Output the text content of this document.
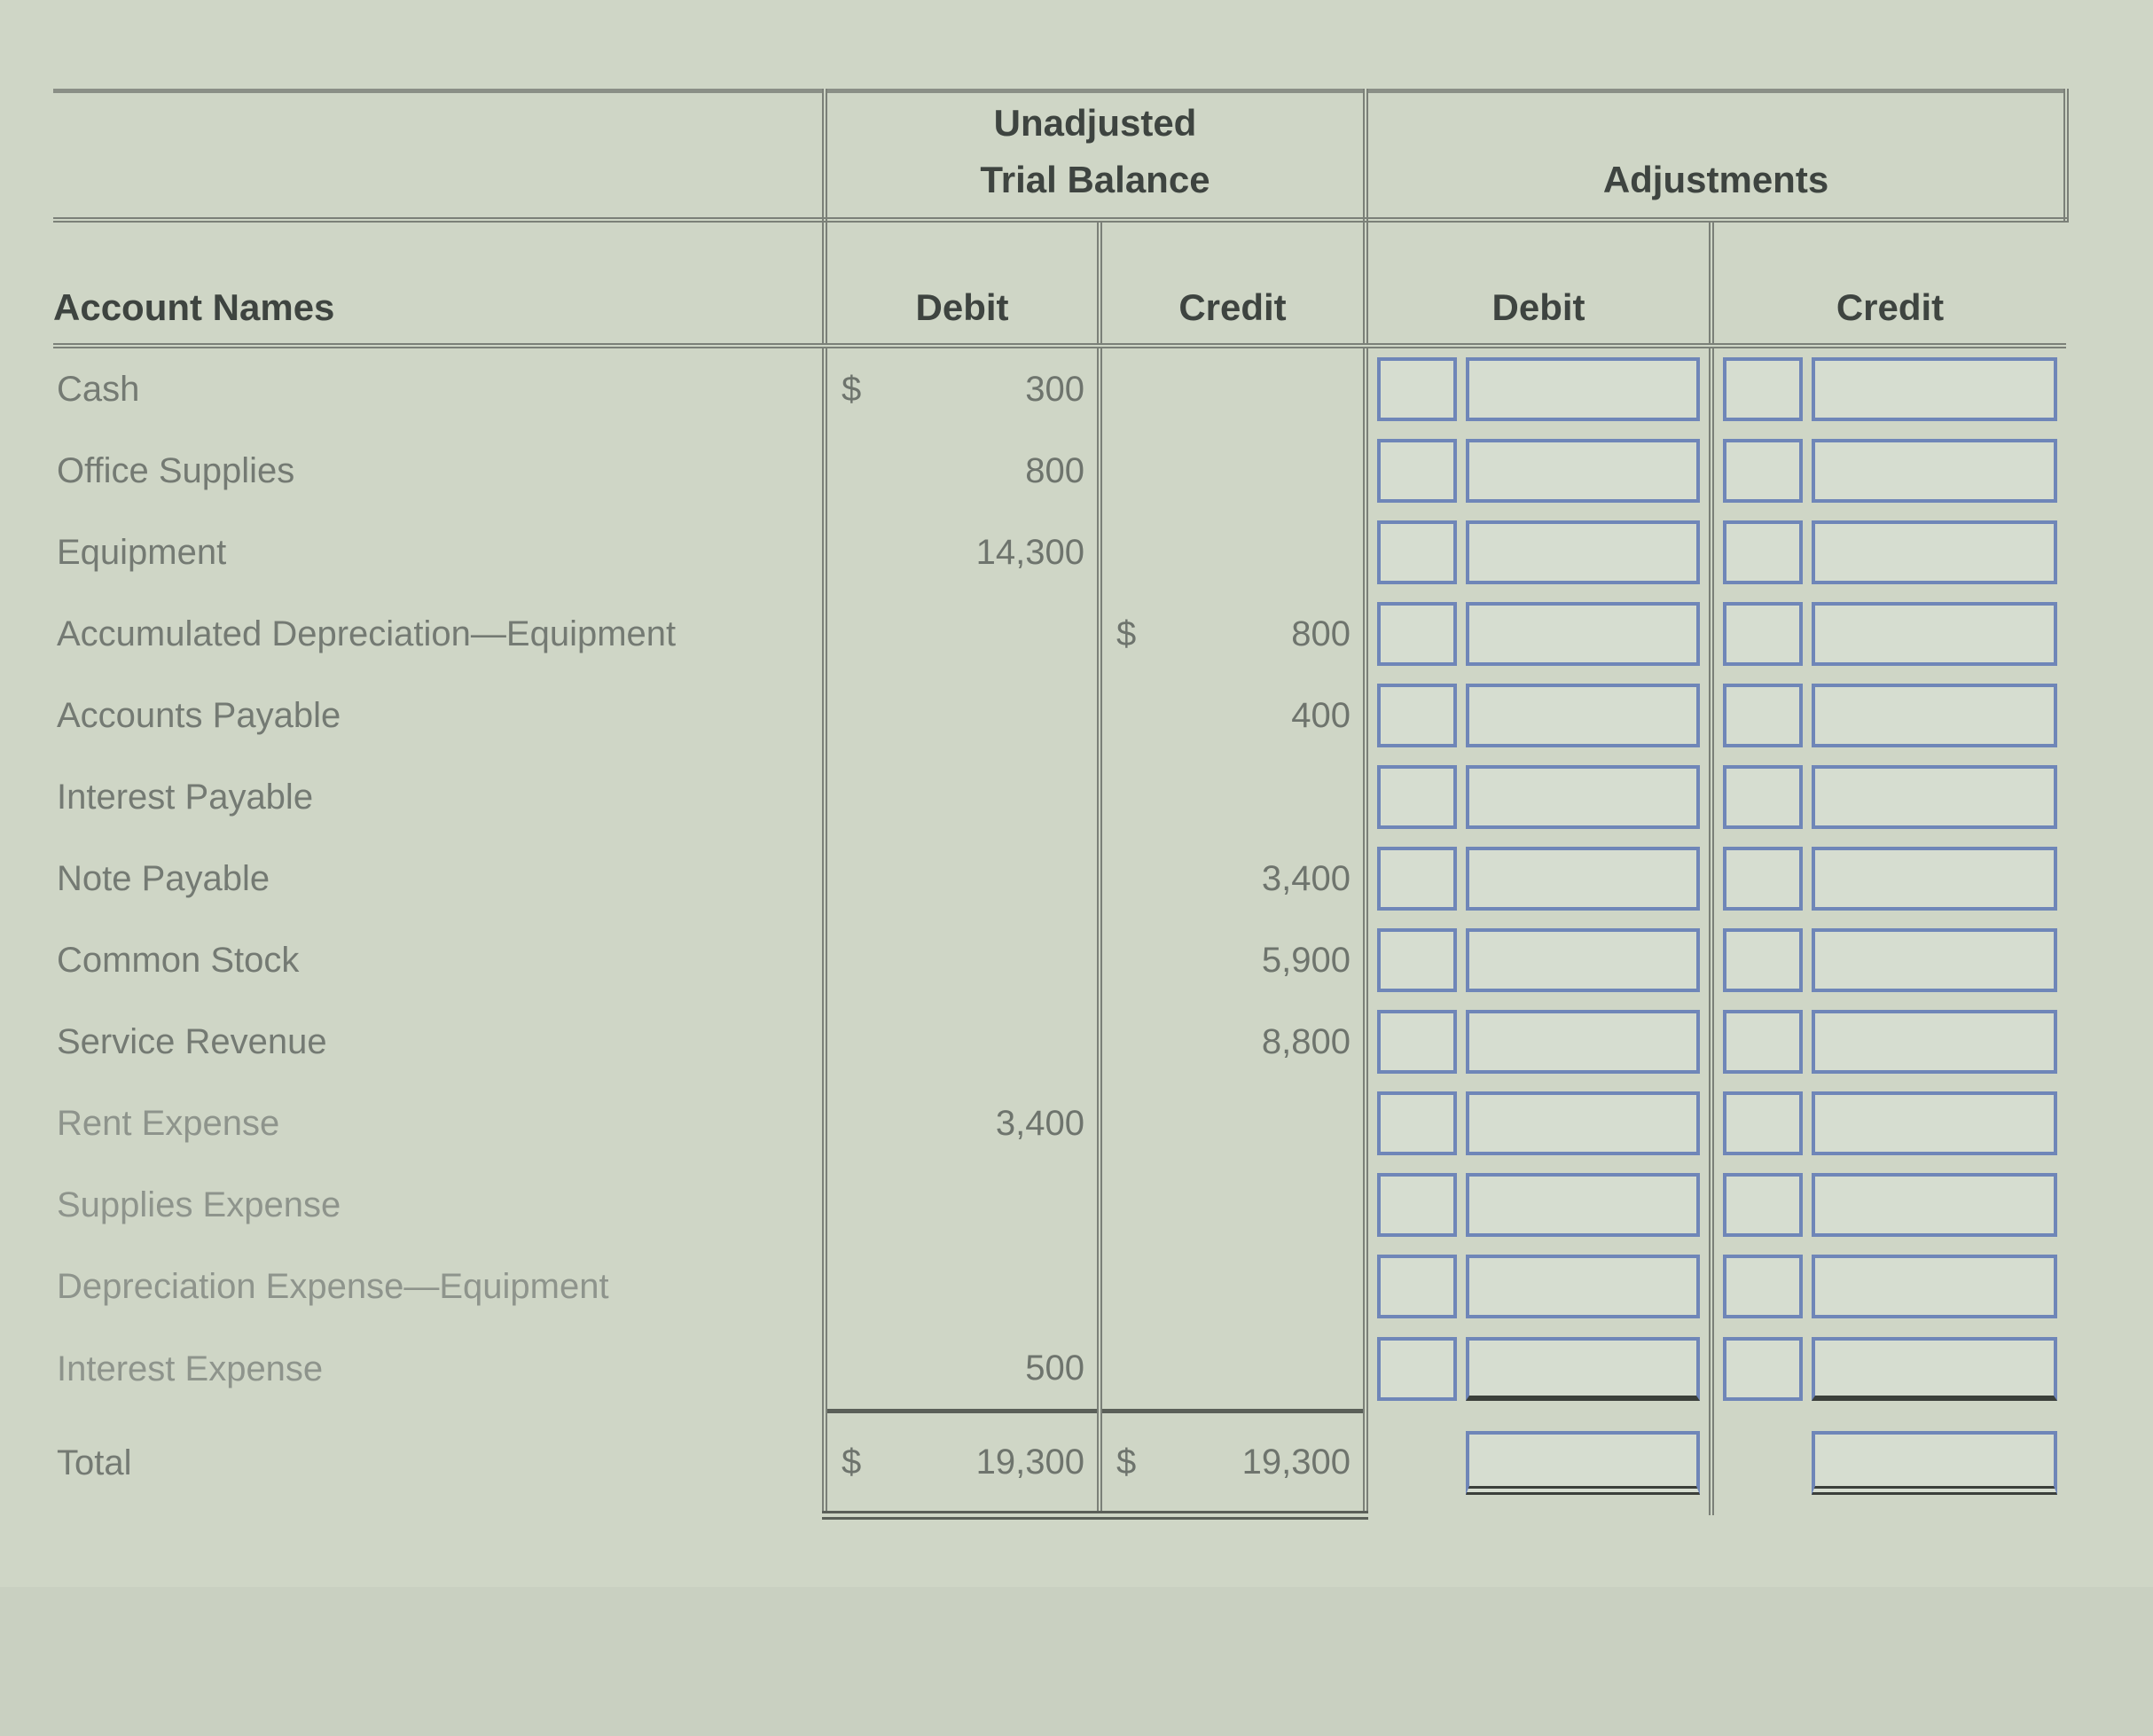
	Unadjusted
Trial Balance		Adjustments	

Account Names	Debit	Credit	Debit	Credit
Cash	$ 300		

Office Supplies	800		

Equipment	14,300		

Accumulated Depreciation—Equipment		$ 800	

Accounts Payable		400	

Interest Payable			

Note Payable		3,400	

Common Stock		5,900	

Service Revenue		8,800	

Rent Expense	3,400		

Supplies Expense			

Depreciation Expense—Equipment			

Interest Expense	500		

Total	$ 19,300	$ 19,300	
